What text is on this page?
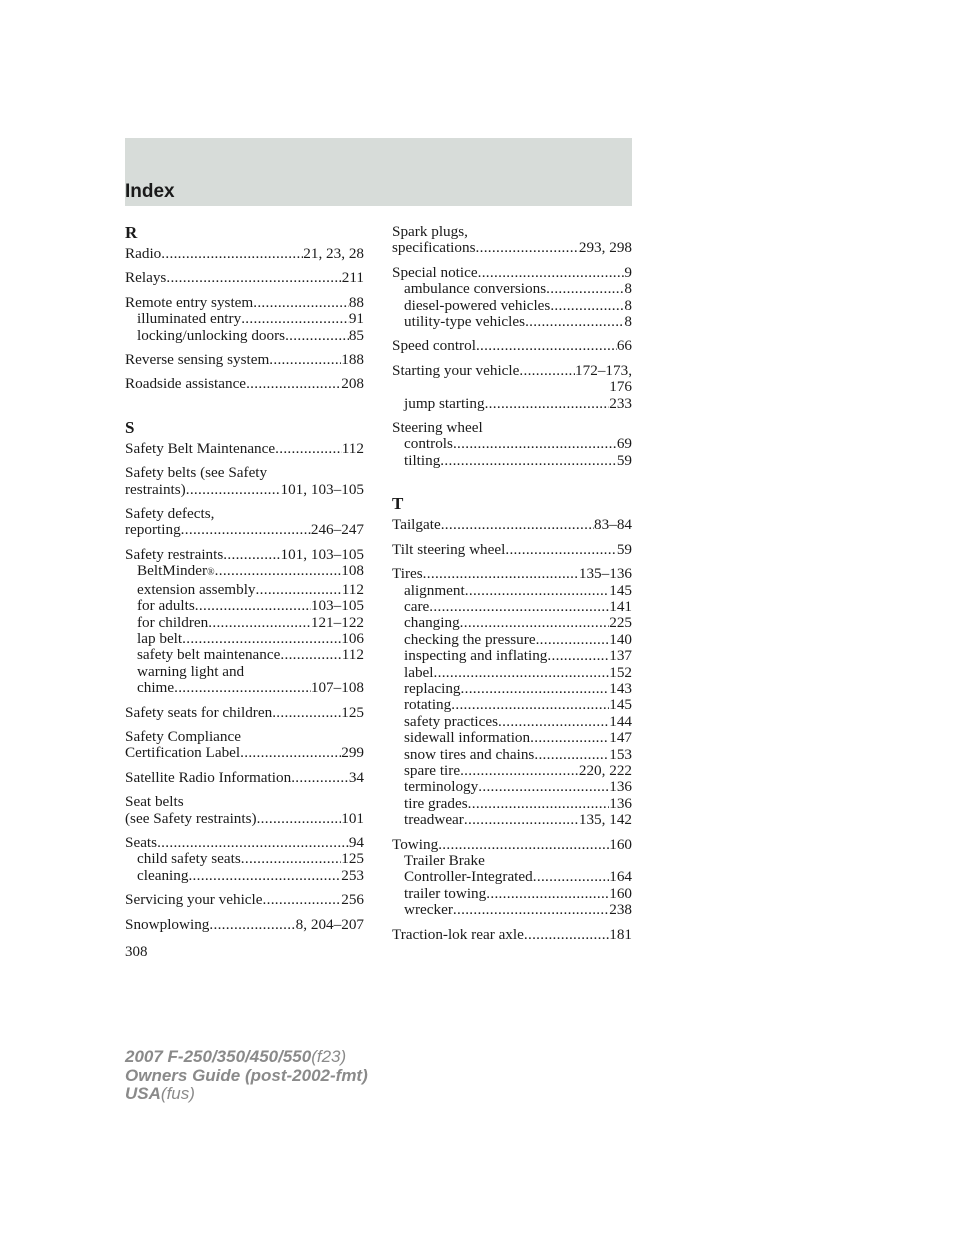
Index
R
Radio .....	21, 23, 28
Relays .....	211
Remote entry system .....	88
illuminated entry .....	91
locking/unlocking doors .....	85
Reverse sensing system .....	188
Roadside assistance .....	208
S
Safety Belt Maintenance .....	112
Safety belts (see Safety
restraints) .....	101, 103–105
Safety defects,
reporting .....	246–247
Safety restraints .....	101, 103–105
BeltMinder ® .....	108
extension assembly .....	112
for adults .....	103–105
for children .....	121–122
lap belt .....	106
safety belt maintenance .....	112
warning light and
chime .....	107–108
Safety seats for children .....	125
Safety Compliance
Certification Label .....	299
Satellite Radio Information .....	34
Seat belts
(see Safety restraints) .....	101
Seats .....	94
child safety seats .....	125
cleaning .....	253
Servicing your vehicle .....	256
Snowplowing .....	8, 204–207
Spark plugs,
specifications .....	293, 298
Special notice .....	9
ambulance conversions .....	8
diesel-powered vehicles .....	8
utility-type vehicles .....	8
Speed control .....	66
Starting your vehicle .....	172–173,
176
jump starting .....	233
Steering wheel
controls .....	69
tilting .....	59
T
Tailgate .....	83–84
Tilt steering wheel .....	59
Tires .....	135–136
alignment .....	145
care .....	141
changing .....	225
checking the pressure .....	140
inspecting and inflating .....	137
label .....	152
replacing .....	143
rotating .....	145
safety practices .....	144
sidewall information .....	147
snow tires and chains .....	153
spare tire .....	220, 222
terminology .....	136
tire grades .....	136
treadwear .....	135, 142
Towing .....	160
Trailer Brake
Controller-Integrated .....	164
trailer towing .....	160
wrecker .....	238
Traction-lok rear axle .....	181
308
2007 F-250/350/450/550(f23)
Owners Guide (post-2002-fmt)
USA(fus)
